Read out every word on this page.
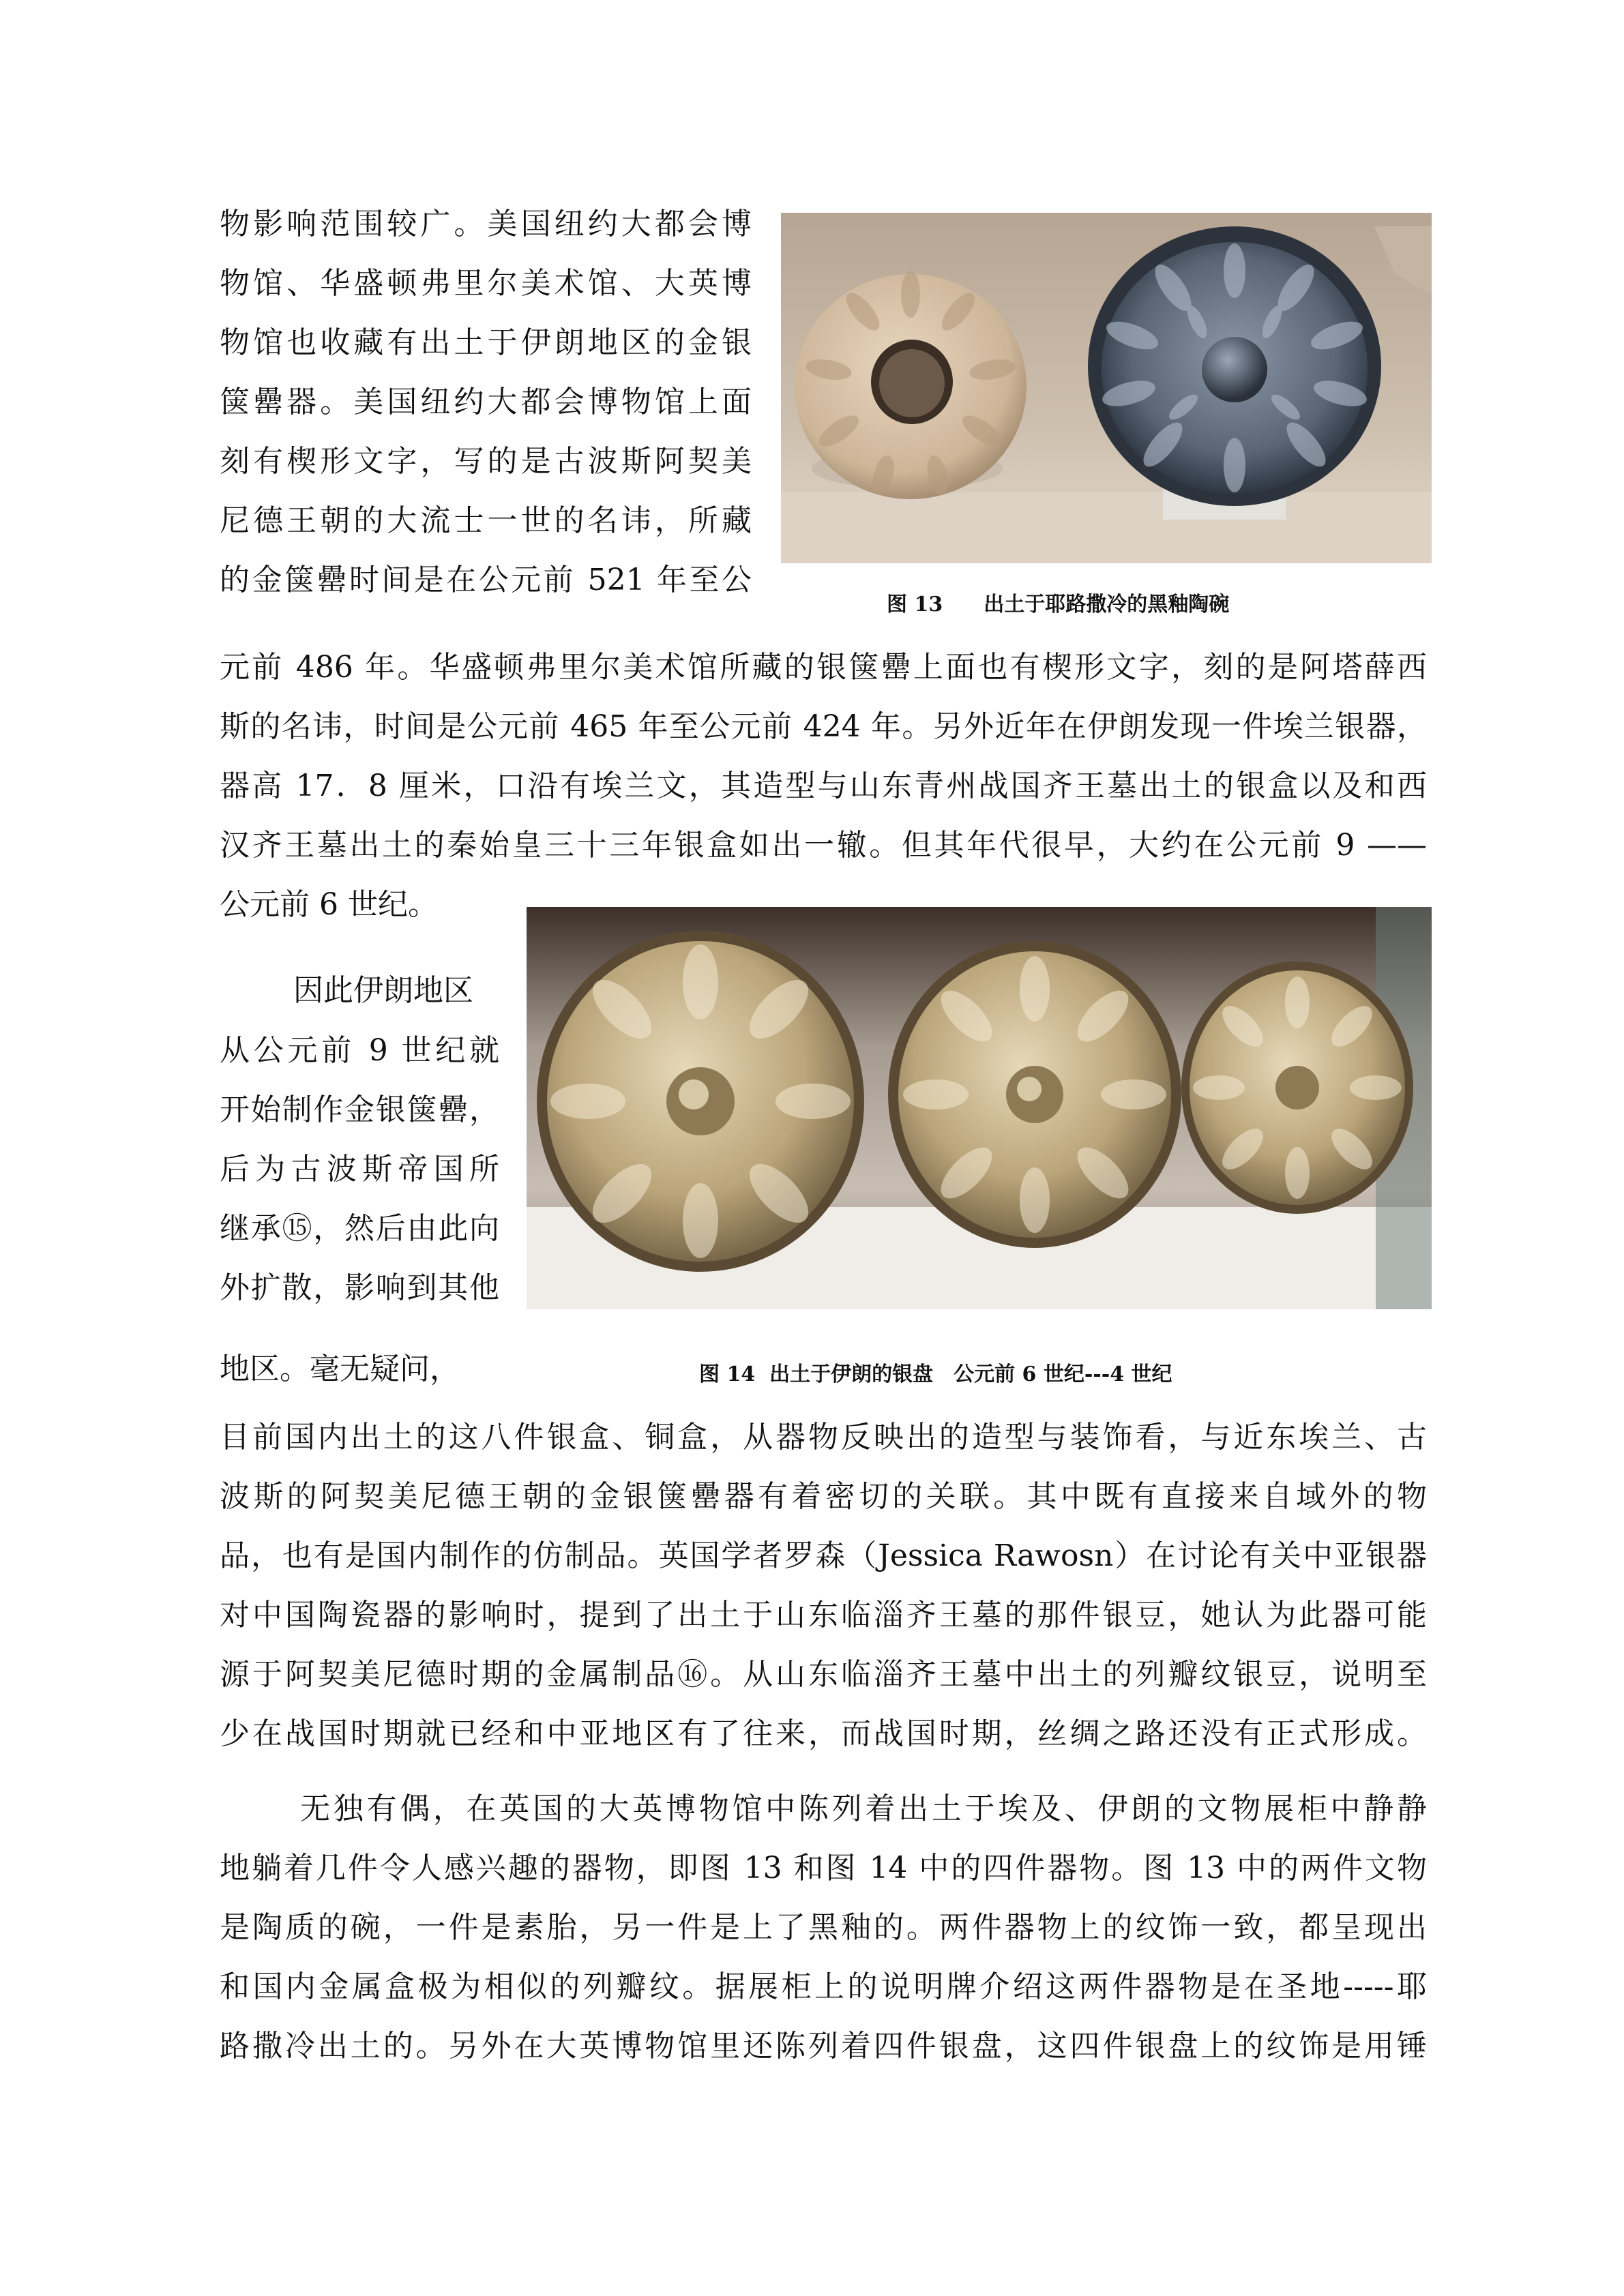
图 13　　出土于耶路撒冷的黑釉陶碗
图 14  出土于伊朗的银盘　公元前 6 世纪---4 世纪
物影响范围较广。美国纽约大都会博
物馆、华盛顿弗里尔美术馆、大英博
物馆也收藏有出土于伊朗地区的金银
箧罍器。美国纽约大都会博物馆上面
刻有楔形文字，写的是古波斯阿契美
尼德王朝的大流士一世的名讳，所藏
的金箧罍时间是在公元前 521 年至公
元前 486 年。华盛顿弗里尔美术馆所藏的银箧罍上面也有楔形文字，刻的是阿塔薛西
斯的名讳，时间是公元前 465 年至公元前 424 年。另外近年在伊朗发现一件埃兰银器，
器高 17．8 厘米，口沿有埃兰文，其造型与山东青州战国齐王墓出土的银盒以及和西
汉齐王墓出土的秦始皇三十三年银盒如出一辙。但其年代很早，大约在公元前 9 ——
公元前 6 世纪。
因此伊朗地区
从公元前 9 世纪就
开始制作金银箧罍，
后为古波斯帝国所
继承⑮，然后由此向
外扩散，影响到其他
地区。毫无疑问，
目前国内出土的这八件银盒、铜盒，从器物反映出的造型与装饰看，与近东埃兰、古
波斯的阿契美尼德王朝的金银箧罍器有着密切的关联。其中既有直接来自域外的物
品，也有是国内制作的仿制品。英国学者罗森（Jessica Rawosn）在讨论有关中亚银器
对中国陶瓷器的影响时，提到了出土于山东临淄齐王墓的那件银豆，她认为此器可能
源于阿契美尼德时期的金属制品⑯。从山东临淄齐王墓中出土的列瓣纹银豆，说明至
少在战国时期就已经和中亚地区有了往来，而战国时期，丝绸之路还没有正式形成。
无独有偶，在英国的大英博物馆中陈列着出土于埃及、伊朗的文物展柜中静静
地躺着几件令人感兴趣的器物，即图 13 和图 14 中的四件器物。图 13 中的两件文物
是陶质的碗，一件是素胎，另一件是上了黑釉的。两件器物上的纹饰一致，都呈现出
和国内金属盒极为相似的列瓣纹。据展柜上的说明牌介绍这两件器物是在圣地-----耶
路撒冷出土的。另外在大英博物馆里还陈列着四件银盘，这四件银盘上的纹饰是用锤
